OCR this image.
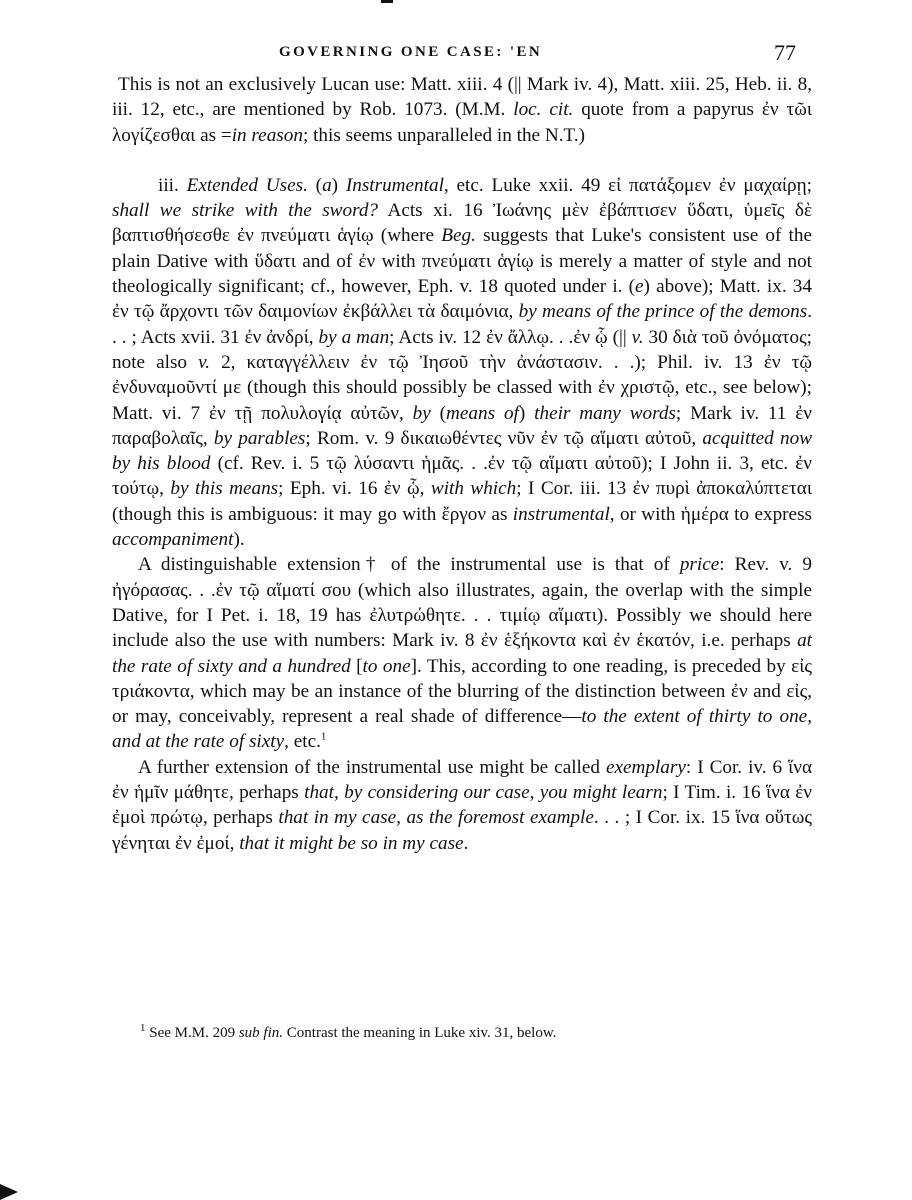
GOVERNING ONE CASE: 'EN	77

This is not an exclusively Lucan use: Matt. xiii. 4 (|| Mark iv. 4), Matt. xiii. 25, Heb. ii. 8, iii. 12, etc., are mentioned by Rob. 1073. (M.M. loc. cit. quote from a papyrus ἐν τῶι λογίζεσθαι as =in reason; this seems unparalleled in the N.T.)

iii. Extended Uses. (a) Instrumental, etc. Luke xxii. 49 εἰ πατάξομεν ἐν μαχαίρῃ; shall we strike with the sword? Acts xi. 16 Ἰωάνης μὲν ἐβάπτισεν ὕδατι, ὑμεῖς δὲ βαπτισθήσεσθε ἐν πνεύματι ἁγίῳ (where Beg. suggests that Luke's consistent use of the plain Dative with ὕδατι and of ἐν with πνεύματι ἁγίῳ is merely a matter of style and not theologically significant; cf., however, Eph. v. 18 quoted under i. (e) above); Matt. ix. 34 ἐν τῷ ἄρχοντι τῶν δαιμονίων ἐκβάλλει τὰ δαιμόνια, by means of the prince of the demons. . . ; Acts xvii. 31 ἐν ἀνδρί, by a man; Acts iv. 12 ἐν ἄλλῳ. . .ἐν ᾧ (|| v. 30 διὰ τοῦ ὀνόματος; note also v. 2, καταγγέλλειν ἐν τῷ Ἰησοῦ τὴν ἀνάστασιν. . .); Phil. iv. 13 ἐν τῷ ἐνδυναμοῦντί με (though this should possibly be classed with ἐν χριστῷ, etc., see below); Matt. vi. 7 ἐν τῇ πολυλογίᾳ αὐτῶν, by (means of) their many words; Mark iv. 11 ἐν παραβολαῖς, by parables; Rom. v. 9 δικαιωθέντες νῦν ἐν τῷ αἵματι αὐτοῦ, acquitted now by his blood (cf. Rev. i. 5 τῷ λύσαντι ἡμᾶς. . .ἐν τῷ αἵματι αὐτοῦ); I John ii. 3, etc. ἐν τούτῳ, by this means; Eph. vi. 16 ἐν ᾧ, with which; I Cor. iii. 13 ἐν πυρὶ ἀποκαλύπτεται (though this is ambiguous: it may go with ἔργον as instrumental, or with ἡμέρα to express accompaniment).

A distinguishable extension† of the instrumental use is that of price: Rev. v. 9 ἠγόρασας. . .ἐν τῷ αἵματί σου (which also illustrates, again, the overlap with the simple Dative, for I Pet. i. 18, 19 has ἐλυτρώθητε. . . τιμίῳ αἵματι). Possibly we should here include also the use with numbers: Mark iv. 8 ἐν ἑξήκοντα καὶ ἐν ἑκατόν, i.e. perhaps at the rate of sixty and a hundred [to one]. This, according to one reading, is preceded by εἰς τριάκοντα, which may be an instance of the blurring of the distinction between ἐν and εἰς, or may, conceivably, represent a real shade of difference—to the extent of thirty to one, and at the rate of sixty, etc.$^1$

A further extension of the instrumental use might be called exemplary: I Cor. iv. 6 ἵνα ἐν ἡμῖν μάθητε, perhaps that, by considering our case, you might learn; I Tim. i. 16 ἵνα ἐν ἐμοὶ πρώτῳ, perhaps that in my case, as the foremost example. . . ; I Cor. ix. 15 ἵνα οὕτως γένηται ἐν ἐμοί, that it might be so in my case.

$^1$ See M.M. 209 sub fin. Contrast the meaning in Luke xiv. 31, below.
